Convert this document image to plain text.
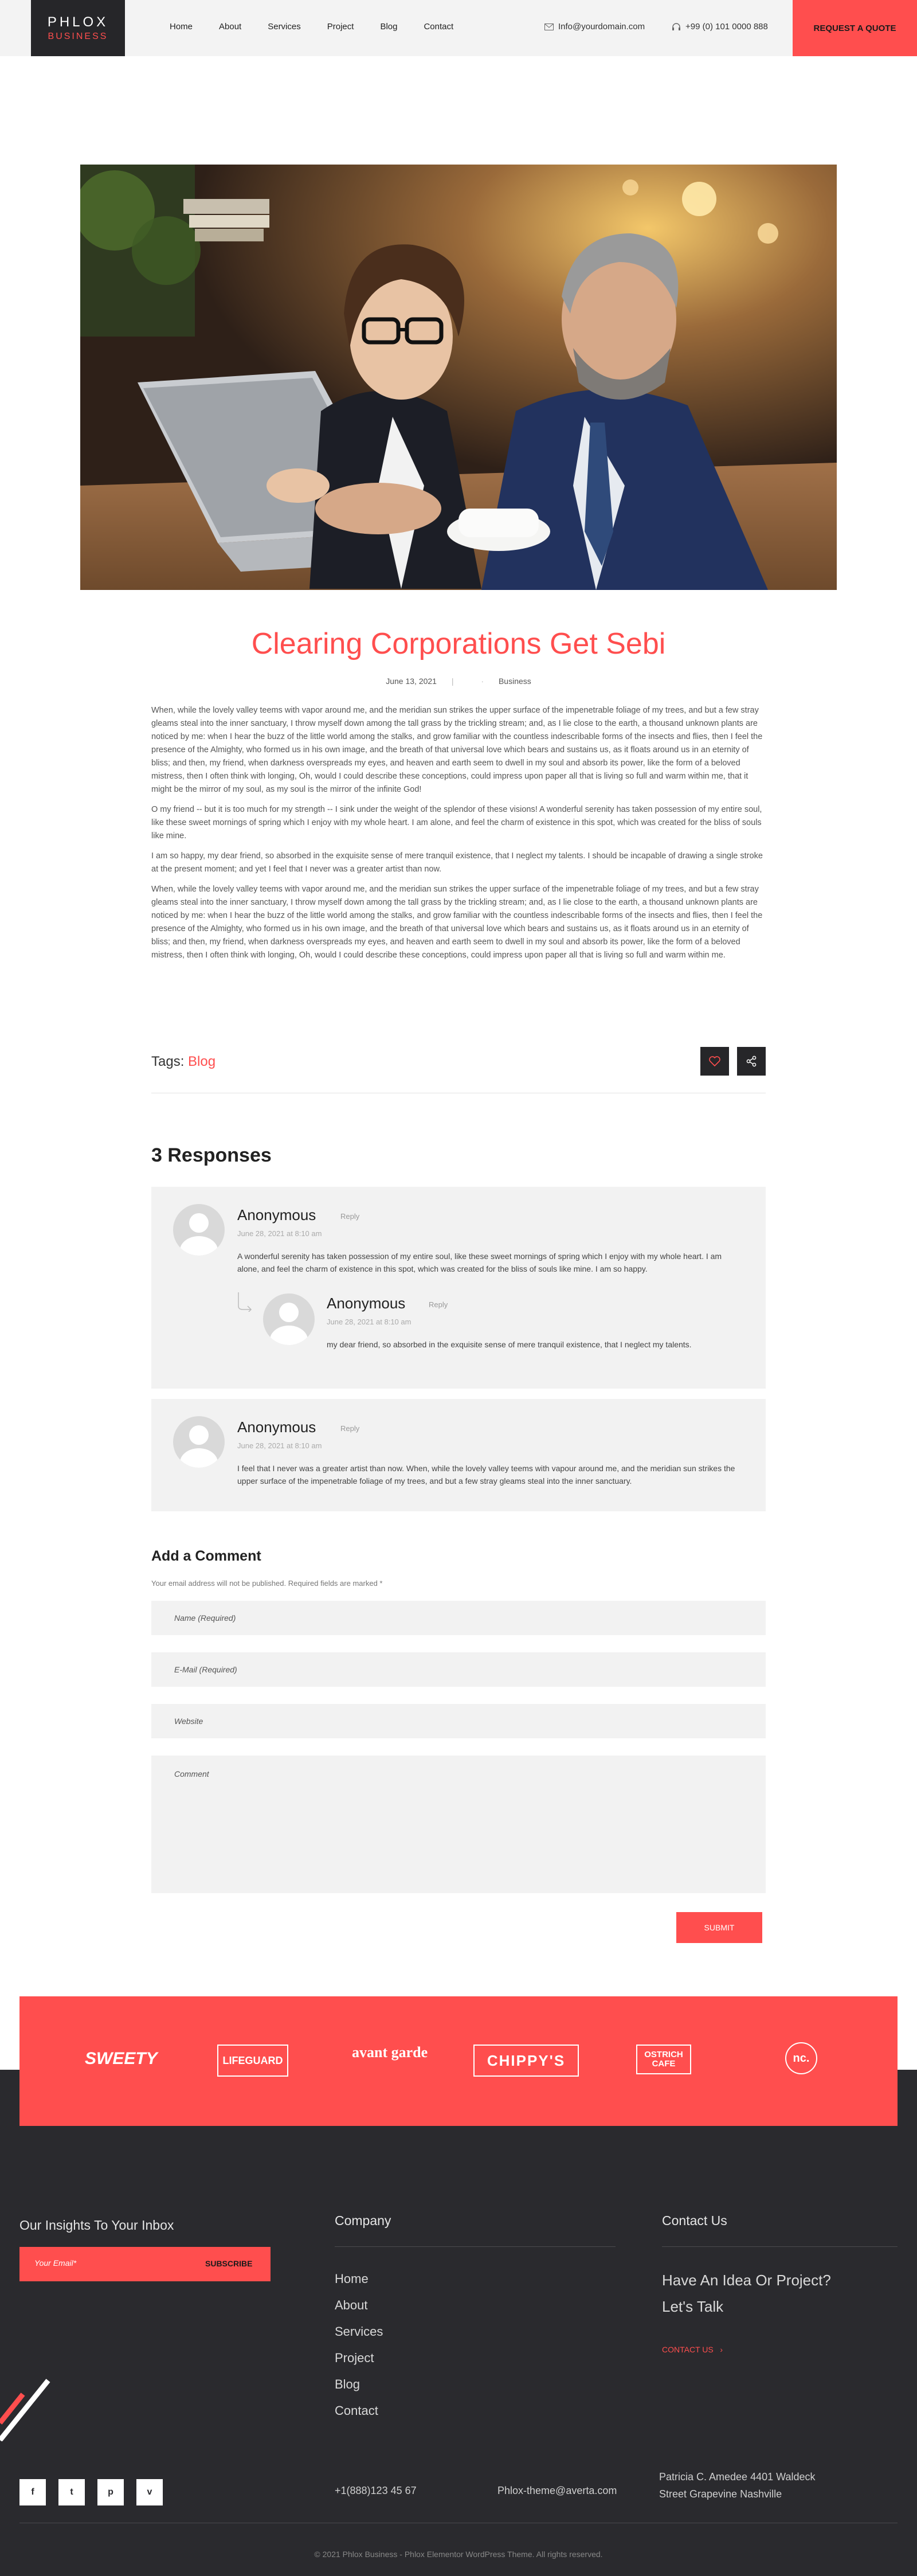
PHLOX
BUSINESS
Home	About	Services	Project	Blog	Contact	Info@yourdomain.com	+99 (0) 101 0000 888	REQUEST A QUOTE
Clearing Corporations Get Sebi
June 13, 2021 |	· Business

When, while the lovely valley teems with vapor around me, and the meridian sun strikes the upper surface of the impenetrable foliage of my trees, and but a few stray gleams steal into the inner sanctuary, I throw myself down among the tall grass by the trickling stream; and, as I lie close to the earth, a thousand unknown plants are noticed by me: when I hear the buzz of the little world among the stalks, and grow familiar with the countless indescribable forms of the insects and flies, then I feel the presence of the Almighty, who formed us in his own image, and the breath of that universal love which bears and sustains us, as it floats around us in an eternity of bliss; and then, my friend, when darkness overspreads my eyes, and heaven and earth seem to dwell in my soul and absorb its power, like the form of a beloved mistress, then I often think with longing, Oh, would I could describe these conceptions, could impress upon paper all that is living so full and warm within me, that it might be the mirror of my soul, as my soul is the mirror of the infinite God!

O my friend -- but it is too much for my strength -- I sink under the weight of the splendor of these visions! A wonderful serenity has taken possession of my entire soul, like these sweet mornings of spring which I enjoy with my whole heart. I am alone, and feel the charm of existence in this spot, which was created for the bliss of souls like mine.

I am so happy, my dear friend, so absorbed in the exquisite sense of mere tranquil existence, that I neglect my talents. I should be incapable of drawing a single stroke at the present moment; and yet I feel that I never was a greater artist than now.

When, while the lovely valley teems with vapor around me, and the meridian sun strikes the upper surface of the impenetrable foliage of my trees, and but a few stray gleams steal into the inner sanctuary, I throw myself down among the tall grass by the trickling stream; and, as I lie close to the earth, a thousand unknown plants are noticed by me: when I hear the buzz of the little world among the stalks, and grow familiar with the countless indescribable forms of the insects and flies, then I feel the presence of the Almighty, who formed us in his own image, and the breath of that universal love which bears and sustains us, as it floats around us in an eternity of bliss; and then, my friend, when darkness overspreads my eyes, and heaven and earth seem to dwell in my soul and absorb its power, like the form of a beloved mistress, then I often think with longing, Oh, would I could describe these conceptions, could impress upon paper all that is living so full and warm within me.

Tags: Blog
3 Responses
Anonymous	Reply
June 28, 2021 at 8:10 am
A wonderful serenity has taken possession of my entire soul, like these sweet mornings of spring which I enjoy with my whole heart. I am alone, and feel the charm of existence in this spot, which was created for the bliss of souls like mine. I am so happy.
Anonymous	Reply
June 28, 2021 at 8:10 am
my dear friend, so absorbed in the exquisite sense of mere tranquil existence, that I neglect my talents.
Anonymous	Reply
June 28, 2021 at 8:10 am
I feel that I never was a greater artist than now. When, while the lovely valley teems with vapour around me, and the meridian sun strikes the upper surface of the impenetrable foliage of my trees, and but a few stray gleams steal into the inner sanctuary.
Add a Comment
Your email address will not be published. Required fields are marked *
Name (Required)
E-Mail (Required)
Website
Comment
SUBMIT
SWEETY	LIFEGUARD	avant garde	CHIPPY'S	OSTRICH CAFE	nc.
Our Insights To Your Inbox
Your Email*	SUBSCRIBE
Company
Home
About
Services
Project
Blog
Contact
Contact Us
Have An Idea Or Project?
Let's Talk
CONTACT US   ›
f	t	p	v	+1(888)123 45 67	Phlox-theme@averta.com
Patricia C. Amedee 4401 Waldeck
Street Grapevine Nashville
© 2021 Phlox Business - Phlox Elementor WordPress Theme. All rights reserved.
